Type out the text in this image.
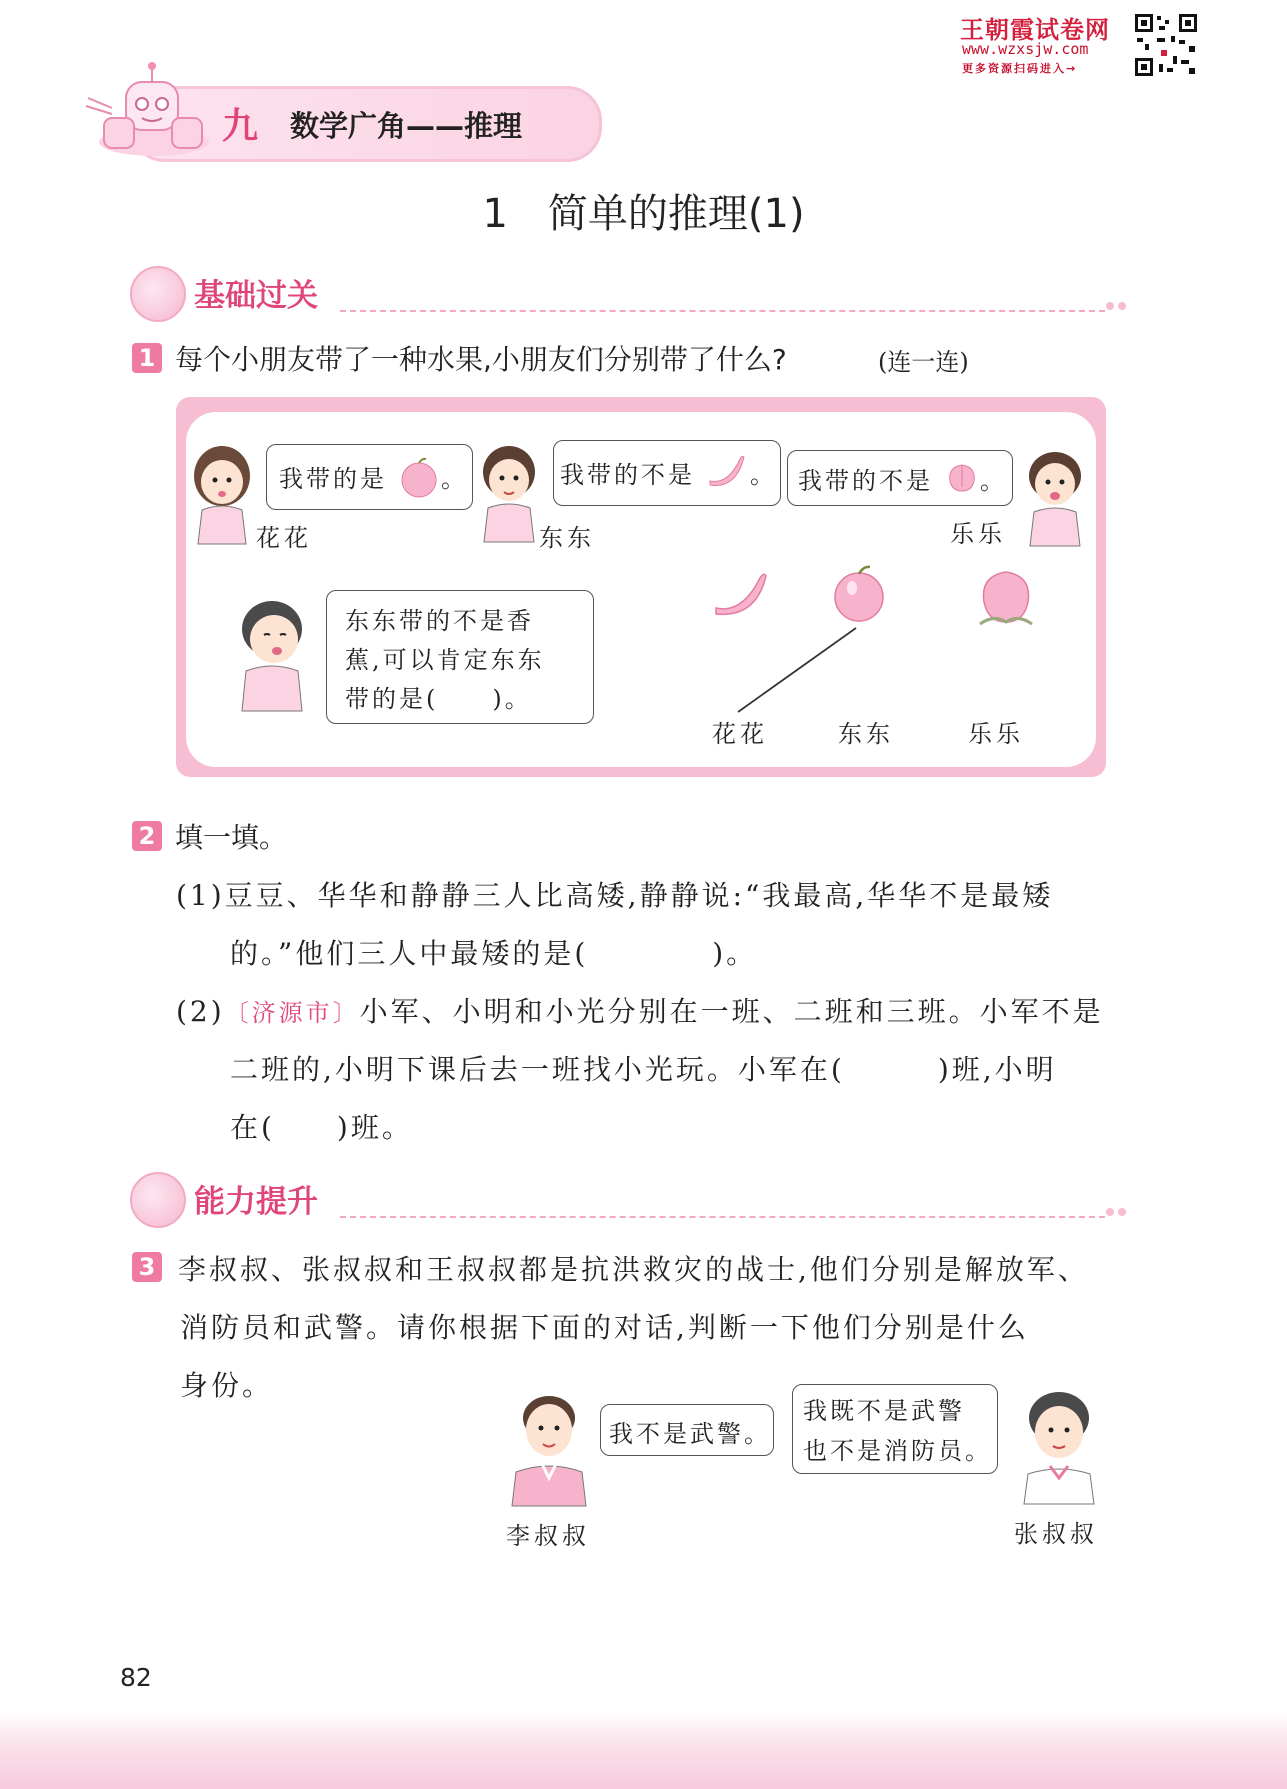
王朝霞试卷网
www.wzxsjw.com
更多资源扫码进入→
九 数学广角——推理
1　简单的推理(1)
基础过关
1 每个小朋友带了一种水果,小朋友们分别带了什么?	(连一连)
我带的是 。
花花
我带的不是 。
东东
我带的不是 。
乐乐
东东带的不是香
蕉,可以肯定东东
带的是(　　)。
花花	东东	乐乐
2 填一填。
(1)豆豆、华华和静静三人比高矮,静静说:“我最高,华华不是最矮
的。”他们三人中最矮的是(　　　　)。
(2)〔济源市〕小军、小明和小光分别在一班、二班和三班。小军不是
二班的,小明下课后去一班找小光玩。小军在(　　　)班,小明
在(　　)班。
能力提升
3 李叔叔、张叔叔和王叔叔都是抗洪救灾的战士,他们分别是解放军、
消防员和武警。请你根据下面的对话,判断一下他们分别是什么
身份。
我不是武警。
李叔叔
我既不是武警
也不是消防员。
张叔叔
82
